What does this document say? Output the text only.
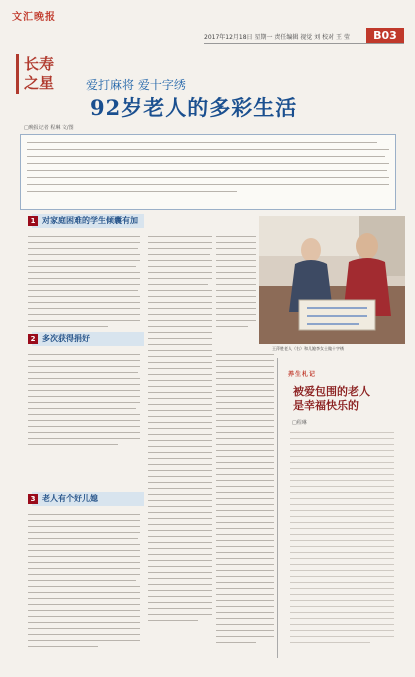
文汇晚报
长寿
之星
2017年12月18日 星期一 责任编辑 视觉 刘 校对 王 莹	B03
爱打麻将 爱十字绣
92岁老人的多彩生活
□晚报记者 程琳 文/图
王萍胜老人（右）和儿媳李女士做十字绣
1 对家庭困难的学生倾囊有加
2 多次获得捐好
3 老人有个好儿媳
养生札记
被爱包围的老人
是幸福快乐的
□程琳
